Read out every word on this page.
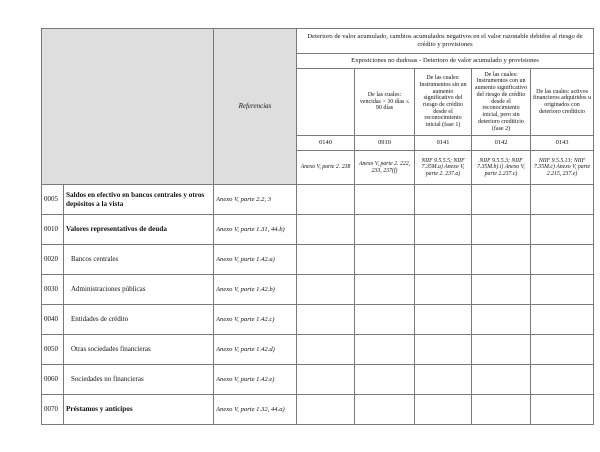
		Referencias	Deterioro de valor acumulado, cambios acumulados negativos en el valor razonable debidos al riesgo de crédito y provisiones				
			Exposiciones no dudosas - Deterioro de valor acumulado y provisiones				
				De las cuales: vencidas > 30 días ≤ 90 días	De las cuales: Instrumentos sin un aumento significativo del riesgo de crédito desde el reconocimiento inicial (fase 1)	De las cuales: Instrumentos con un aumento significativo del riesgo de crédito desde el reconocimiento inicial, pero sin deterioro crediticio (fase 2)	De las cuales: activos financieros adquiridos u originados con deterioro crediticio
			0140	0910	0141	0142	0143
			Anexo V, parte 2. 238	Anexo V, parte 2. 222, 233, 237(f)	NIIF 9.5.5.5; NIIF 7.35M.a) Anexo V, parte 2. 237.a)	NIIF 9.5.5.3; NIIF 7.35M.b).i) Anexo V, parte 2.237.c)	NIIF 9.5.5.13; NIIF 7.35M.c) Anexo V, parte 2.215, 237.e)
0005	Saldos en efectivo en bancos centrales y otros depósitos a la vista	Anexo V, parte 2.2, 3					
0010	Valores representativos de deuda	Anexo V, parte 1.31, 44.b)					
0020	Bancos centrales	Anexo V, parte 1.42.a)					
0030	Administraciones públicas	Anexo V, parte 1.42.b)					
0040	Entidades de crédito	Anexo V, parte 1.42.c)					
0050	Otras sociedades financieras	Anexo V, parte 1.42.d)					
0060	Sociedades no financieras	Anexo V, parte 1.42.e)					
0070	Préstamos y anticipos	Anexo V, parte 1.32, 44.a)					
